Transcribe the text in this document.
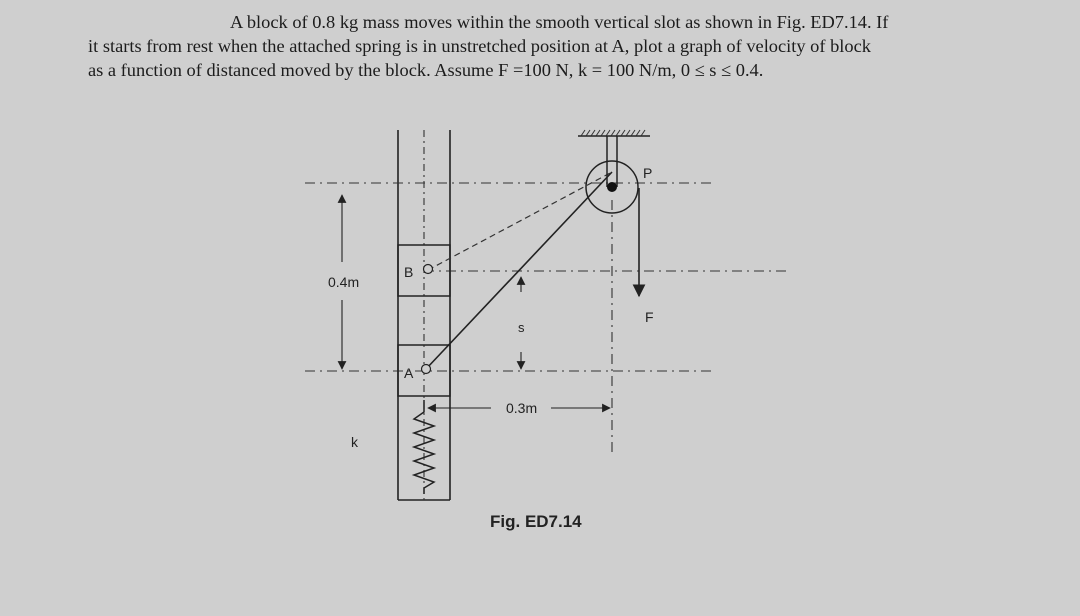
A block of 0.8 kg mass moves within the smooth vertical slot as shown in Fig. ED7.14. If
it starts from rest when the attached spring is in unstretched position at A, plot a graph of velocity of block
as a function of distanced moved by the block. Assume F =100 N, k = 100 N/m, 0 ≤ s ≤ 0.4.
0.4m
B
A
s
0.3m
k
P
F
Fig. ED7.14
